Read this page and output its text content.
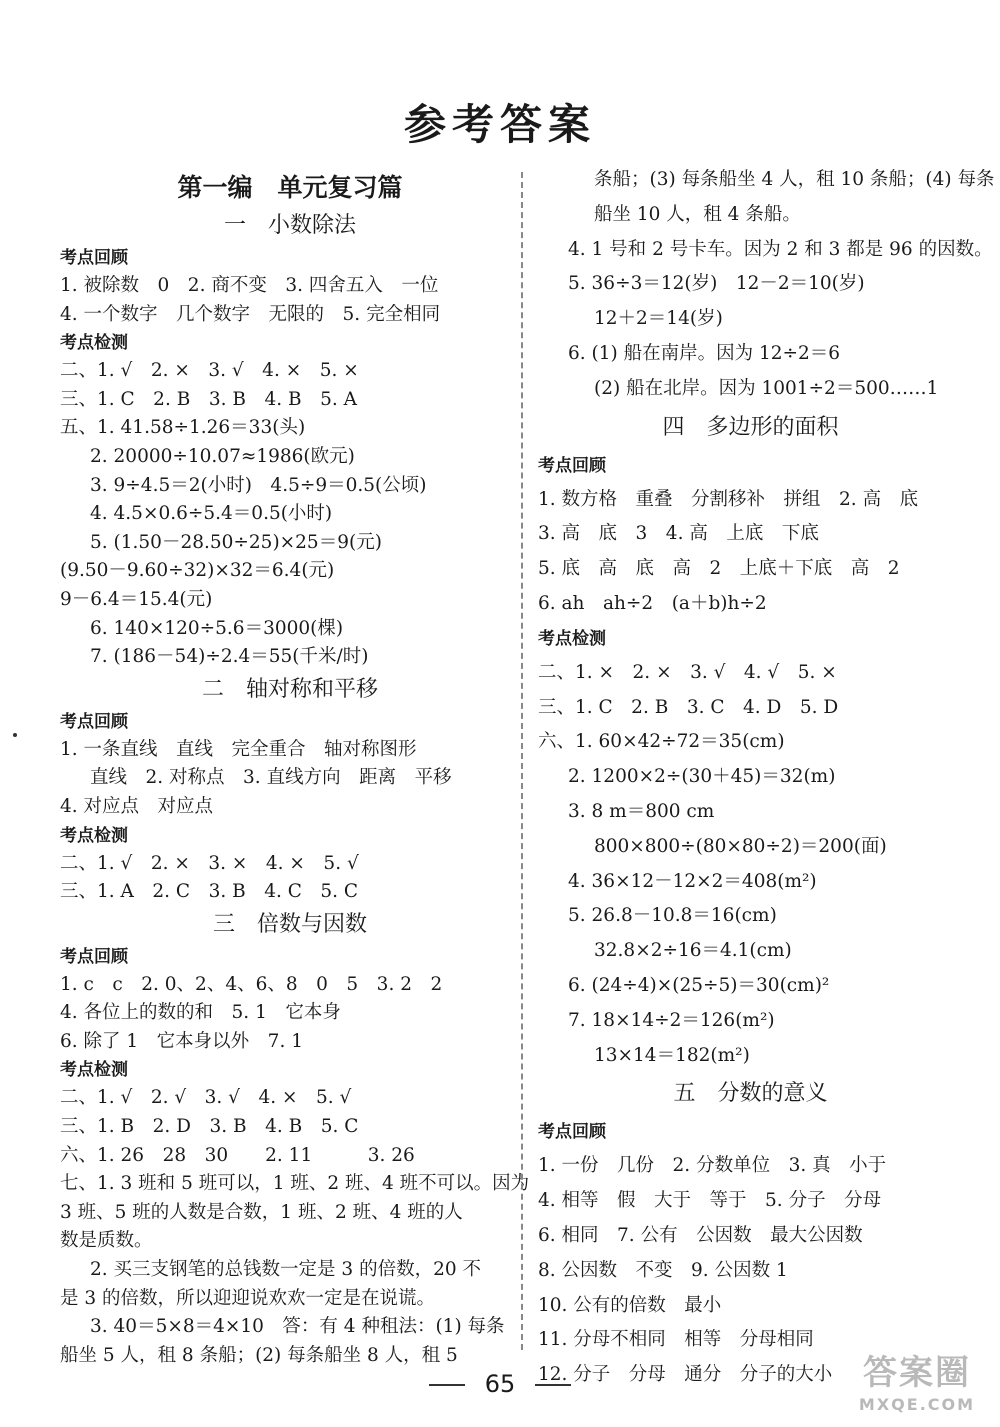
参考答案
第一编　单元复习篇
一　小数除法
考点回顾
1. 被除数　0　2. 商不变　3. 四舍五入　一位
4. 一个数字　几个数字　无限的　5. 完全相同
考点检测
二、1. √　2. ×　3. √　4. ×　5. ×
三、1. C　2. B　3. B　4. B　5. A
五、1. 41.58÷1.26＝33(头)
2. 20000÷10.07≈1986(欧元)
3. 9÷4.5＝2(小时)　4.5÷9＝0.5(公顷)
4. 4.5×0.6÷5.4＝0.5(小时)
5. (1.50－28.50÷25)×25＝9(元)
(9.50－9.60÷32)×32＝6.4(元)
9－6.4＝15.4(元)
6. 140×120÷5.6＝3000(棵)
7. (186－54)÷2.4＝55(千米/时)
二　轴对称和平移
考点回顾
1. 一条直线　直线　完全重合　轴对称图形
直线　2. 对称点　3. 直线方向　距离　平移
4. 对应点　对应点
考点检测
二、1. √　2. ×　3. ×　4. ×　5. √
三、1. A　2. C　3. B　4. C　5. C
三　倍数与因数
考点回顾
1. c　c　2. 0、2、4、6、8　0　5　3. 2　2
4. 各位上的数的和　5. 1　它本身
6. 除了 1　它本身以外　7. 1
考点检测
二、1. √　2. √　3. √　4. ×　5. √
三、1. B　2. D　3. B　4. B　5. C
六、1. 26　28　30　　2. 11　　　3. 26
七、1. 3 班和 5 班可以，1 班、2 班、4 班不可以。因为
3 班、5 班的人数是合数，1 班、2 班、4 班的人
数是质数。
2. 买三支钢笔的总钱数一定是 3 的倍数，20 不
是 3 的倍数，所以迎迎说欢欢一定是在说谎。
3. 40＝5×8＝4×10　答：有 4 种租法：(1) 每条
船坐 5 人，租 8 条船；(2) 每条船坐 8 人，租 5
条船；(3) 每条船坐 4 人，租 10 条船；(4) 每条
船坐 10 人，租 4 条船。
4. 1 号和 2 号卡车。因为 2 和 3 都是 96 的因数。
5. 36÷3＝12(岁)　12－2＝10(岁)
12＋2＝14(岁)
6. (1) 船在南岸。因为 12÷2＝6
(2) 船在北岸。因为 1001÷2＝500……1
四　多边形的面积
考点回顾
1. 数方格　重叠　分割移补　拼组　2. 高　底
3. 高　底　3　4. 高　上底　下底
5. 底　高　底　高　2　上底＋下底　高　2
6. ah　ah÷2　(a＋b)h÷2
考点检测
二、1. ×　2. ×　3. √　4. √　5. ×
三、1. C　2. B　3. C　4. D　5. D
六、1. 60×42÷72＝35(cm)
2. 1200×2÷(30＋45)＝32(m)
3. 8 m＝800 cm
800×800÷(80×80÷2)＝200(面)
4. 36×12－12×2＝408(m²)
5. 26.8－10.8＝16(cm)
32.8×2÷16＝4.1(cm)
6. (24÷4)×(25÷5)＝30(cm)²
7. 18×14÷2＝126(m²)
13×14＝182(m²)
五　分数的意义
考点回顾
1. 一份　几份　2. 分数单位　3. 真　小于
4. 相等　假　大于　等于　5. 分子　分母
6. 相同　7. 公有　公因数　最大公因数
8. 公因数　不变　9. 公因数 1
10. 公有的倍数　最小
11. 分母不相同　相等　分母相同
12. 分子　分母　通分　分子的大小
65	答案圈
MXQE.COM
